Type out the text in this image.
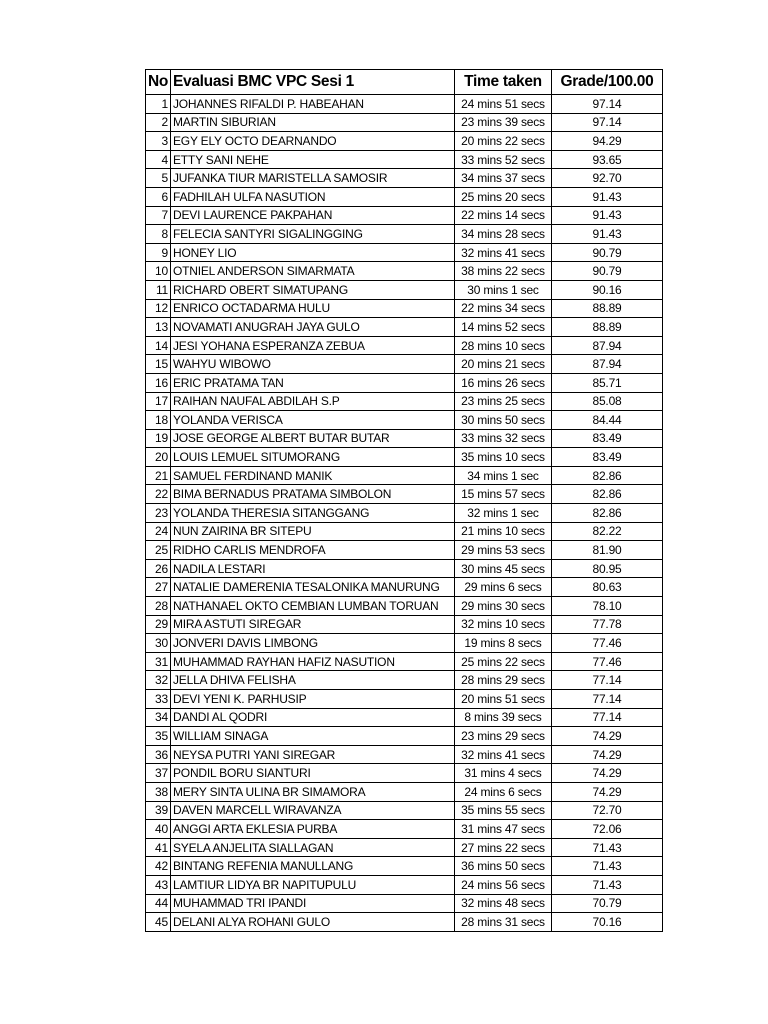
No	Evaluasi BMC VPC Sesi 1	Time taken	Grade/100.00
1	JOHANNES RIFALDI P. HABEAHAN	24 mins 51 secs	97.14
2	MARTIN SIBURIAN	23 mins 39 secs	97.14
3	EGY ELY OCTO DEARNANDO	20 mins 22 secs	94.29
4	ETTY SANI NEHE	33 mins 52 secs	93.65
5	JUFANKA TIUR MARISTELLA SAMOSIR	34 mins 37 secs	92.70
6	FADHILAH ULFA NASUTION	25 mins 20 secs	91.43
7	DEVI LAURENCE PAKPAHAN	22 mins 14 secs	91.43
8	FELECIA SANTYRI SIGALINGGING	34 mins 28 secs	91.43
9	HONEY LIO	32 mins 41 secs	90.79
10	OTNIEL ANDERSON SIMARMATA	38 mins 22 secs	90.79
11	RICHARD OBERT SIMATUPANG	30 mins 1 sec	90.16
12	ENRICO OCTADARMA HULU	22 mins 34 secs	88.89
13	NOVAMATI ANUGRAH JAYA GULO	14 mins 52 secs	88.89
14	JESI YOHANA ESPERANZA ZEBUA	28 mins 10 secs	87.94
15	WAHYU WIBOWO	20 mins 21 secs	87.94
16	ERIC PRATAMA TAN	16 mins 26 secs	85.71
17	RAIHAN NAUFAL ABDILAH S.P	23 mins 25 secs	85.08
18	YOLANDA VERISCA	30 mins 50 secs	84.44
19	JOSE GEORGE ALBERT BUTAR BUTAR	33 mins 32 secs	83.49
20	LOUIS LEMUEL SITUMORANG	35 mins 10 secs	83.49
21	SAMUEL FERDINAND MANIK	34 mins 1 sec	82.86
22	BIMA BERNADUS PRATAMA SIMBOLON	15 mins 57 secs	82.86
23	YOLANDA THERESIA SITANGGANG	32 mins 1 sec	82.86
24	NUN ZAIRINA BR SITEPU	21 mins 10 secs	82.22
25	RIDHO CARLIS MENDROFA	29 mins 53 secs	81.90
26	NADILA LESTARI	30 mins 45 secs	80.95
27	NATALIE DAMERENIA TESALONIKA MANURUNG	29 mins 6 secs	80.63
28	NATHANAEL OKTO CEMBIAN LUMBAN TORUAN	29 mins 30 secs	78.10
29	MIRA ASTUTI SIREGAR	32 mins 10 secs	77.78
30	JONVERI DAVIS LIMBONG	19 mins 8 secs	77.46
31	MUHAMMAD RAYHAN HAFIZ NASUTION	25 mins 22 secs	77.46
32	JELLA DHIVA FELISHA	28 mins 29 secs	77.14
33	DEVI YENI K. PARHUSIP	20 mins 51 secs	77.14
34	DANDI AL QODRI	8 mins 39 secs	77.14
35	WILLIAM SINAGA	23 mins 29 secs	74.29
36	NEYSA PUTRI YANI SIREGAR	32 mins 41 secs	74.29
37	PONDIL BORU SIANTURI	31 mins 4 secs	74.29
38	MERY SINTA ULINA BR SIMAMORA	24 mins 6 secs	74.29
39	DAVEN MARCELL WIRAVANZA	35 mins 55 secs	72.70
40	ANGGI ARTA EKLESIA PURBA	31 mins 47 secs	72.06
41	SYELA ANJELITA SIALLAGAN	27 mins 22 secs	71.43
42	BINTANG REFENIA MANULLANG	36 mins 50 secs	71.43
43	LAMTIUR LIDYA BR NAPITUPULU	24 mins 56 secs	71.43
44	MUHAMMAD TRI IPANDI	32 mins 48 secs	70.79
45	DELANI ALYA ROHANI GULO	28 mins 31 secs	70.16
